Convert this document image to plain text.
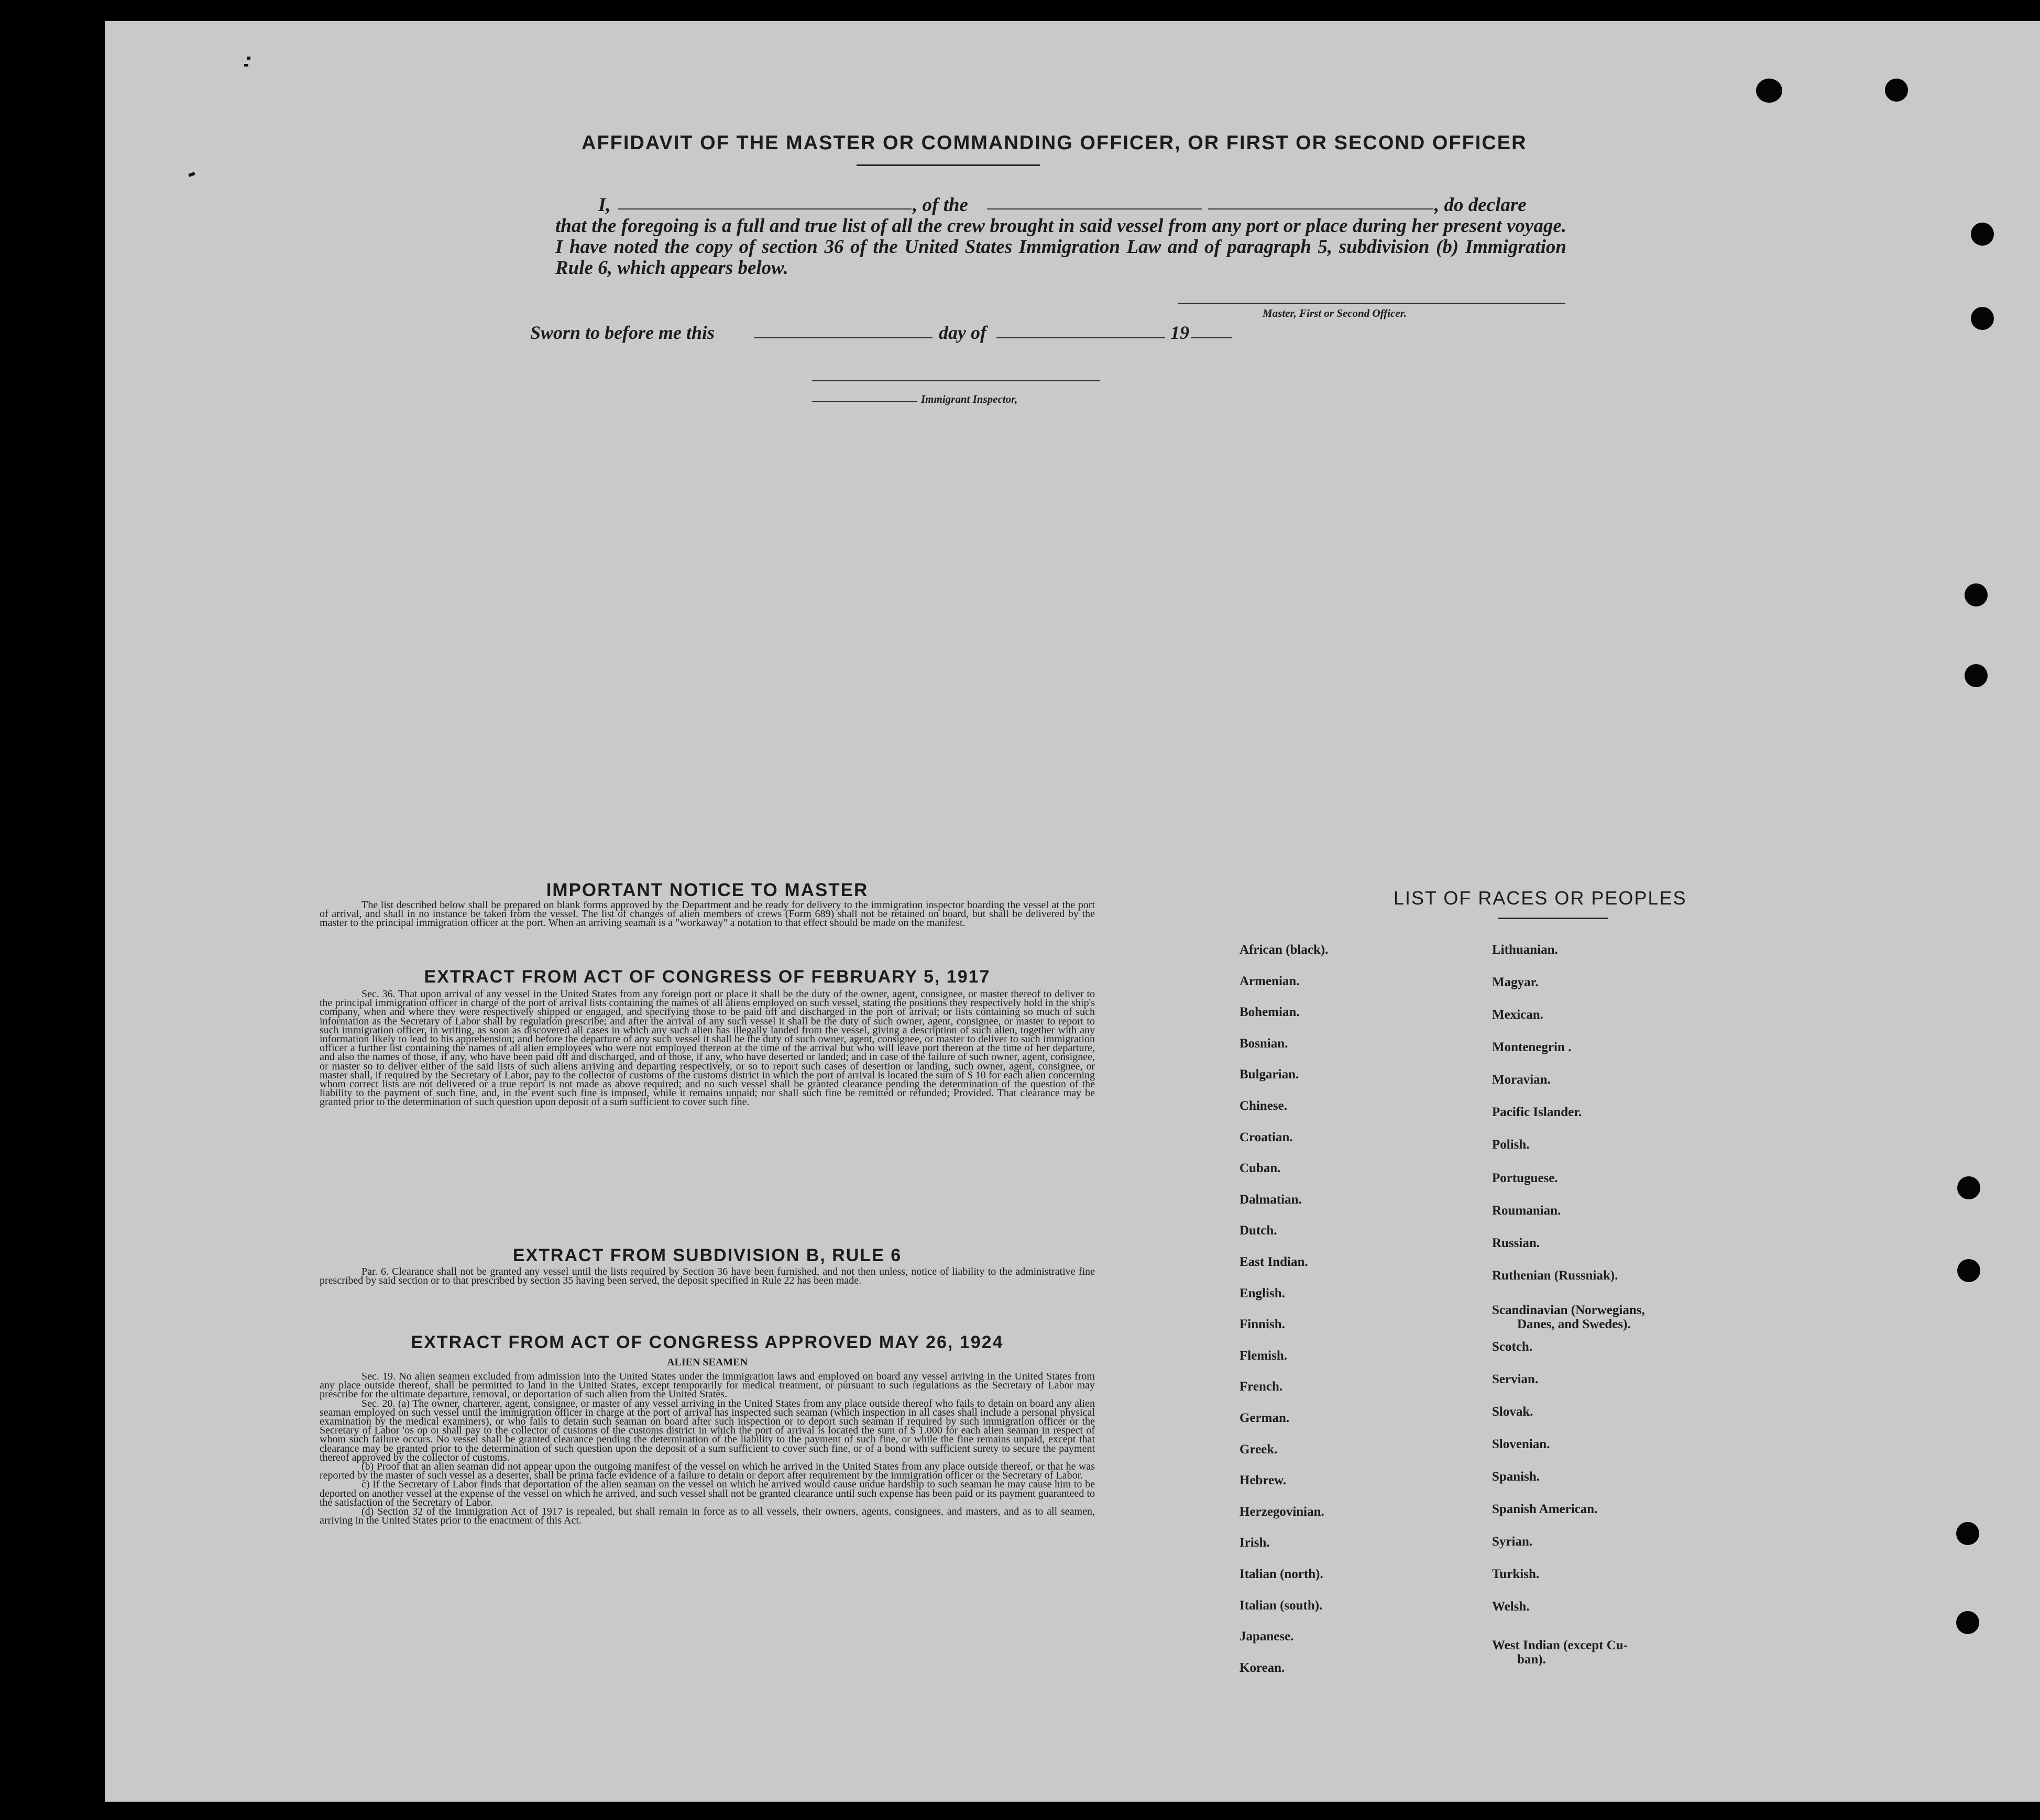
AFFIDAVIT OF THE MASTER OR COMMANDING OFFICER, OR FIRST OR SECOND OFFICER
I,	, of the	, do declare
that the foregoing is a full and true list of all the crew brought in said vessel from any port or place during her present voyage. I have noted the copy of section 36 of the United States Immigration Law and of paragraph 5, subdivision (b) Immigration Rule 6, which appears below.
Master, First or Second Officer.
Sworn to before me this	day of	19
Immigrant Inspector,
IMPORTANT NOTICE TO MASTER

The list described below shall be prepared on blank forms approved by the Department and be ready for delivery to the immigration inspector boarding the vessel at the port of arrival, and shall in no instance be taken from the vessel. The list of changes of alien members of crews (Form 689) shall not be retained on board, but shall be delivered by the master to the principal immigration officer at the port. When an arriving seaman is a "workaway" a notation to that effect should be made on the manifest.

EXTRACT FROM ACT OF CONGRESS OF FEBRUARY 5, 1917

Sec. 36. That upon arrival of any vessel in the United States from any foreign port or place it shall be the duty of the owner, agent, consignee, or master thereof to deliver to the principal immigration officer in charge of the port of arrival lists containing the names of all aliens employed on such vessel, stating the positions they respectively hold in the ship's company, when and where they were respectively shipped or engaged, and specifying those to be paid off and discharged in the port of arrival; or lists containing so much of such information as the Secretary of Labor shall by regulation prescribe; and after the arrival of any such vessel it shall be the duty of such owner, agent, consignee, or master to report to such immigration officer, in writing, as soon as discovered all cases in which any such alien has illegally landed from the vessel, giving a description of such alien, together with any information likely to lead to his apprehension; and before the departure of any such vessel it shall be the duty of such owner, agent, consignee, or master to deliver to such immigration officer a further list containing the names of all alien employees who were not employed thereon at the time of the arrival but who will leave port thereon at the time of her departure, and also the names of those, if any, who have been paid off and discharged, and of those, if any, who have deserted or landed; and in case of the failure of such owner, agent, consignee, or master so to deliver either of the said lists of such aliens arriving and departing respectively, or so to report such cases of desertion or landing, such owner, agent, consignee, or master shall, if required by the Secretary of Labor, pay to the collector of customs of the customs district in which the port of arrival is located the sum of $ 10 for each alien concerning whom correct lists are not delivered or a true report is not made as above required; and no such vessel shall be granted clearance pending the determination of the question of the liability to the payment of such fine, and, in the event such fine is imposed, while it remains unpaid; nor shall such fine be remitted or refunded; Provided. That clearance may be granted prior to the determination of such question upon deposit of a sum sufficient to cover such fine.

EXTRACT FROM SUBDIVISION B, RULE 6

Par. 6. Clearance shall not be granted any vessel until the lists required by Section 36 have been furnished, and not then unless, notice of liability to the administrative fine prescribed by said section or to that prescribed by section 35 having been served, the deposit specified in Rule 22 has been made.

EXTRACT FROM ACT OF CONGRESS APPROVED MAY 26, 1924
ALIEN SEAMEN

Sec. 19. No alien seamen excluded from admission into the United States under the immigration laws and employed on board any vessel arriving in the United States from any place outside thereof, shall be permitted to land in the United States, except temporarily for medical treatment, or pursuant to such regulations as the Secretary of Labor may prescribe for the ultimate departure, removal, or deportation of such alien from the United States.

Sec. 20. (a) The owner, charterer, agent, consignee, or master of any vessel arriving in the United States from any place outside thereof who fails to detain on board any alien seaman employed on such vessel until the immigration officer in charge at the port of arrival has inspected such seaman (which inspection in all cases shall include a personal physical examination by the medical examiners), or who fails to detain such seaman on board after such inspection or to deport such seaman if required by such immigration officer or the Secretary of Labor 'os op oı shall pay to the collector of customs of the customs district in which the port of arrival is located the sum of $ 1.000 for each alien seaman in respect of whom such failure occurs. No vessel shall be granted clearance pending the determination of the liability to the payment of such fine, or while the fine remains unpaid, except that clearance may be granted prior to the determination of such question upon the deposit of a sum sufficient to cover such fine, or of a bond with sufficient surety to secure the payment thereof approved by the collector of customs.

(b) Proof that an alien seaman did not appear upon the outgoing manifest of the vessel on which he arrived in the United States from any place outside thereof, or that he was reported by the master of such vessel as a deserter, shall be prima facie evidence of a failure to detain or deport after requirement by the immigration officer or the Secretary of Labor.

c) If the Secretary of Labor finds that deportation of the alien seaman on the vessel on which he arrived would cause undue hardship to such seaman he may cause him to be deported on another vessel at the expense of the vessel on which he arrived, and such vessel shall not be granted clearance until such expense has been paid or its payment guaranteed to the satisfaction of the Secretary of Labor.

(d) Section 32 of the Immigration Act of 1917 is repealed, but shall remain in force as to all vessels, their owners, agents, consignees, and masters, and as to all seamen, arriving in the United States prior to the enactment of this Act.

LIST OF RACES OR PEOPLES
African (black).
Armenian.
Bohemian.
Bosnian.
Bulgarian.
Chinese.
Croatian.
Cuban.
Dalmatian.
Dutch.
East Indian.
English.
Finnish.
Flemish.
French.
German.
Greek.
Hebrew.
Herzegovinian.
Irish.
Italian (north).
Italian (south).
Japanese.
Korean.
Lithuanian.
Magyar.
Mexican.
Montenegrin .
Moravian.
Pacific Islander.
Polish.
Portuguese.
Roumanian.
Russian.
Ruthenian (Russniak).
Scandinavian (Norwegians,
Danes, and Swedes).
Scotch.
Servian.
Slovak.
Slovenian.
Spanish.
Spanish American.
Syrian.
Turkish.
Welsh.
West Indian (except Cu-
ban).
